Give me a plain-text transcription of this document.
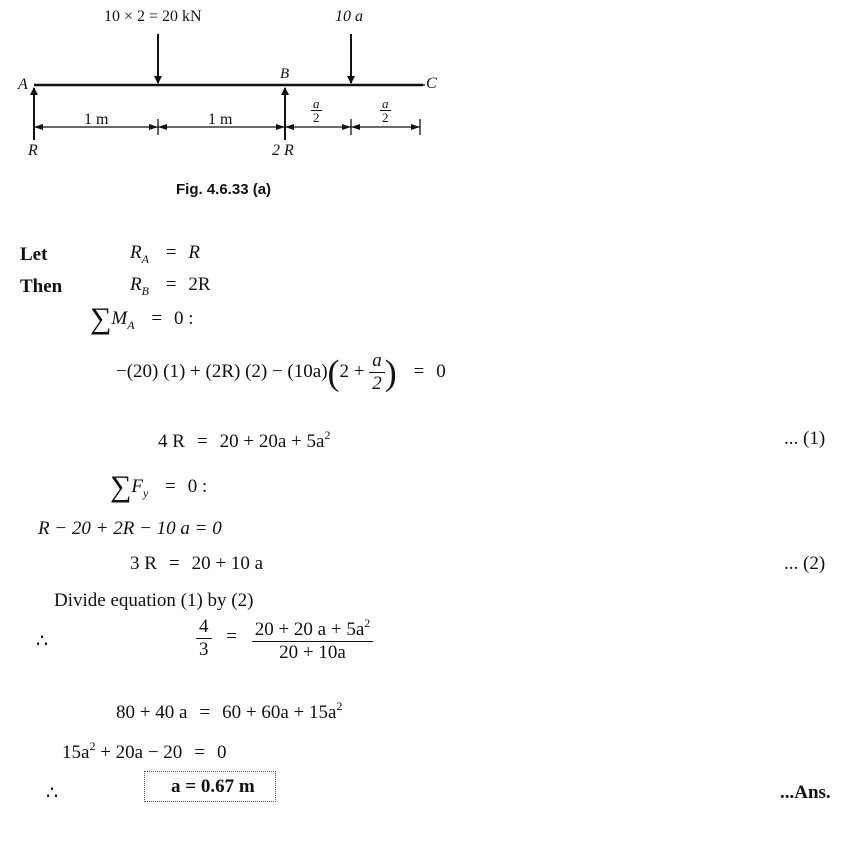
10 × 2 = 20 kN	10 a
A
B
C
1 m	1 m
a
2
a
2
R	2 R
Fig. 4.6.33 (a)
Let	$R_A = R$
Then	$R_B = 2R$
$\sum M_A = 0$ :
−(20) (1) + (2R) $(2) - (10a)(2 + \frac{a}{2}$ ) = 0
4 $R = 20 + 20a + 5a^2$	... (1)
$\sum F_y = 0$ :
R − 20 + 2R − 10 a = 0
3 R = 20 + 10 a	... (2)
Divide equation (1) by (2)
∴	$\frac{4}{3} = \frac{20 + 20 a + 5a^2}{20 + 10a}$
80 + 40 $a = 60 + 60a + 15a^2$
$15a^2 + 20a - 20 = 0$
∴	a = 0.67 m	...Ans.
